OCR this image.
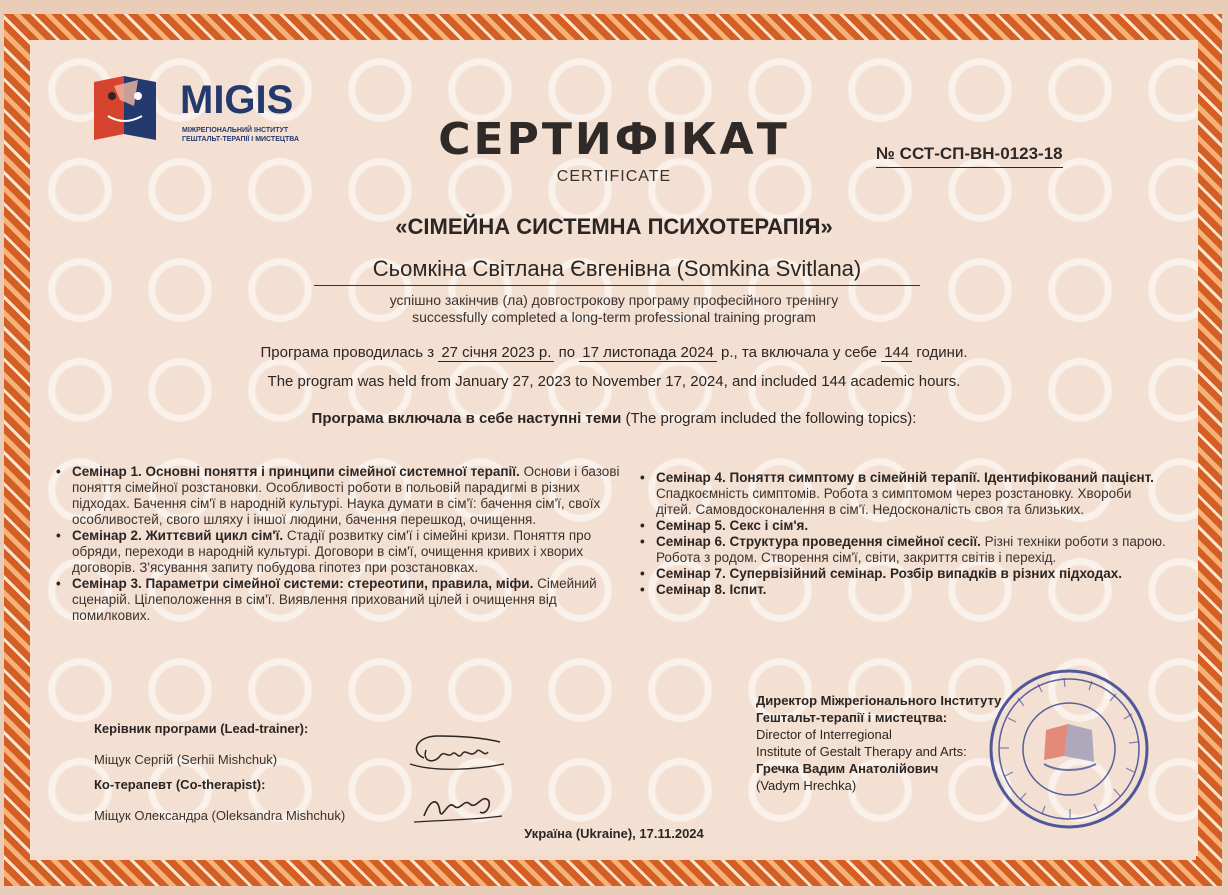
MIGIS
МІЖРЕГІОНАЛЬНИЙ ІНСТИТУТ
ГЕШТАЛЬТ-ТЕРАПІЇ І МИСТЕЦТВА	СЕРТИФІКАТ
CERTIFICATE
№ ССТ-СП-ВН-0123-18
«СІМЕЙНА СИСТЕМНА ПСИХОТЕРАПІЯ»
Сьомкіна Світлана Євгенівна (Somkina Svitlana)
успішно закінчив (ла) довгострокову програму професійного тренінгу
successfully completed a long-term professional training program
Програма проводилась з 27 січня 2023 р. по 17 листопада 2024 р., та включала у себе 144 години.
The program was held from January 27, 2023 to November 17, 2024, and included 144 academic hours.
Програма включала в себе наступні теми (The program included the following topics):
• Семінар 1. Основні поняття і принципи сімейної системної терапії. Основи і базові поняття сімейної розстановки. Особливості роботи в польовій парадигмі в різних підходах. Бачення сім'ї в народній культурі. Наука думати в сім'ї: бачення сім'ї, своїх особливостей, свого шляху і іншої людини, бачення перешкод, очищення.
• Семінар 2. Життєвий цикл сім'ї. Стадії розвитку сім'ї і сімейні кризи. Поняття про обряди, переходи в народній культурі. Договори в сім'ї, очищення кривих і хворих договорів. З'ясування запиту побудова гіпотез при розстановках.
• Семінар 3. Параметри сімейної системи: стереотипи, правила, міфи. Сімейний сценарій. Цілеположення в сім'ї. Виявлення прихований цілей і очищення від помилкових.
• Семінар 4. Поняття симптому в сімейній терапії. Ідентифікований пацієнт. Спадкоємність симптомів. Робота з симптомом через розстановку. Хвороби дітей. Самовдосконалення в сім'ї. Недосконалість своя та близьких.
• Семінар 5. Секс і сім'я.
• Семінар 6. Структура проведення сімейної сесії. Різні техніки роботи з парою. Робота з родом. Створення сім'ї, світи, закриття світів і перехід.
• Семінар 7. Супервізійний семінар. Розбір випадків в різних підходах.
• Семінар 8. Іспит.
Керівник програми (Lead-trainer):
Міщук Сергій (Serhii Mishchuk)
Ко-терапевт (Co-therapist):
Міщук Олександра (Oleksandra Mishchuk)
Директор Міжрегіонального Інституту
Гештальт-терапії і мистецтва:
Director of Interregional
Institute of Gestalt Therapy and Arts:
Гречка Вадим Анатолійович
(Vadym Hrechka)
Україна (Ukraine), 17.11.2024
